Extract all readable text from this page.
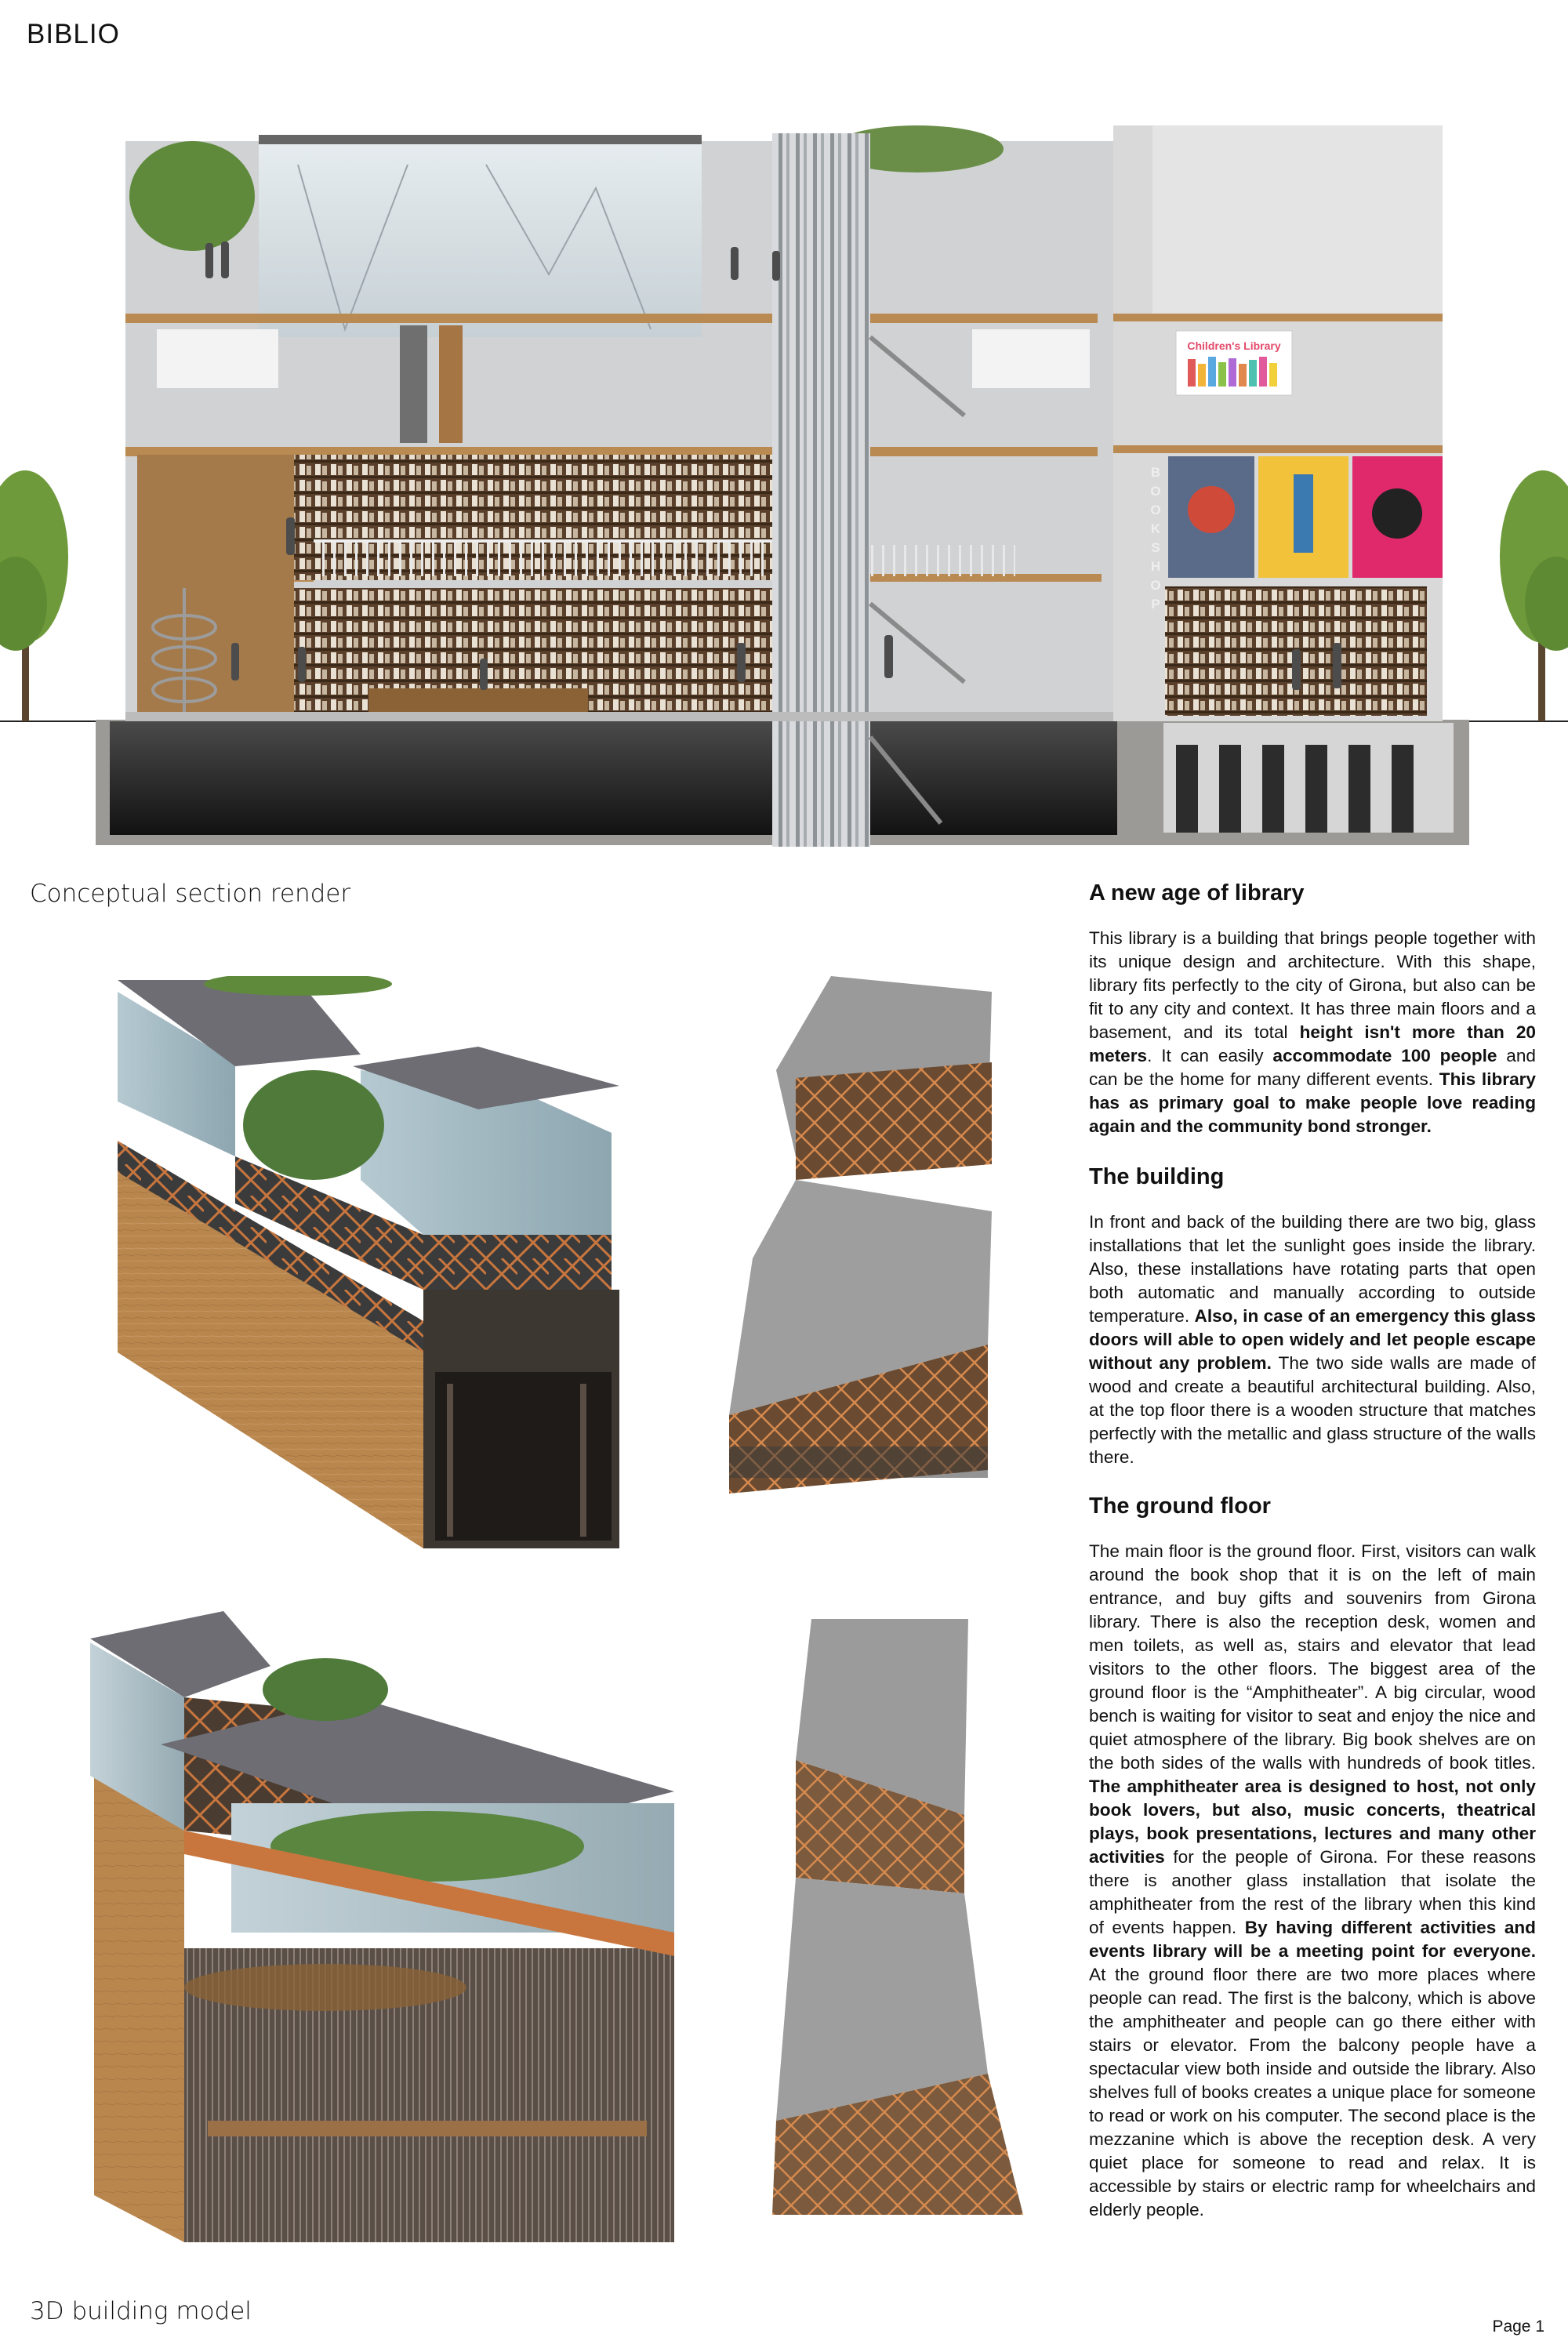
BIBLIO
Children's Library
B
O
O
K
S
H
O
P
Conceptual section render
3D building model
A new age of library

This library is a building that brings people together with its unique design and architecture. With this shape, library fits perfectly to the city of Girona, but also can be fit to any city and context. It has three main floors and a basement, and its total height isn't more than 20 meters. It can easily accommodate 100 people and can be the home for many different events. This library has as primary goal to make people love reading again and the community bond stronger.

The building

In front and back of the building there are two big, glass installations that let the sunlight goes inside the library. Also, these installations have rotating parts that open both automatic and manually according to outside temperature. Also, in case of an emergency this glass doors will able to open widely and let people escape without any problem. The two side walls are made of wood and create a beautiful architectural building. Also, at the top floor there is a wooden structure that matches perfectly with the metallic and glass structure of the walls there.

The ground floor

The main floor is the ground floor. First, visitors can walk around the book shop that it is on the left of main entrance, and buy gifts and souvenirs from Girona library. There is also the reception desk, women and men toilets, as well as, stairs and elevator that lead visitors to the other floors. The biggest area of the ground floor is the “Amphitheater”. A big circular, wood bench is waiting for visitor to seat and enjoy the nice and quiet atmosphere of the library. Big book shelves are on the both sides of the walls with hundreds of book titles. The amphitheater area is designed to host, not only book lovers, but also, music concerts, theatrical plays, book presentations, lectures and many other activities for the people of Girona. For these reasons there is another glass installation that isolate the amphitheater from the rest of the library when this kind of events happen. By having different activities and events library will be a meeting point for everyone. At the ground floor there are two more places where people can read. The first is the balcony, which is above the amphitheater and people can go there either with stairs or elevator. From the balcony people have a spectacular view both inside and outside the library. Also shelves full of books creates a unique place for someone to read or work on his computer. The second place is the mezzanine which is above the reception desk. A very quiet place for someone to read and relax. It is accessible by stairs or electric ramp for wheelchairs and elderly people.

Page 1
